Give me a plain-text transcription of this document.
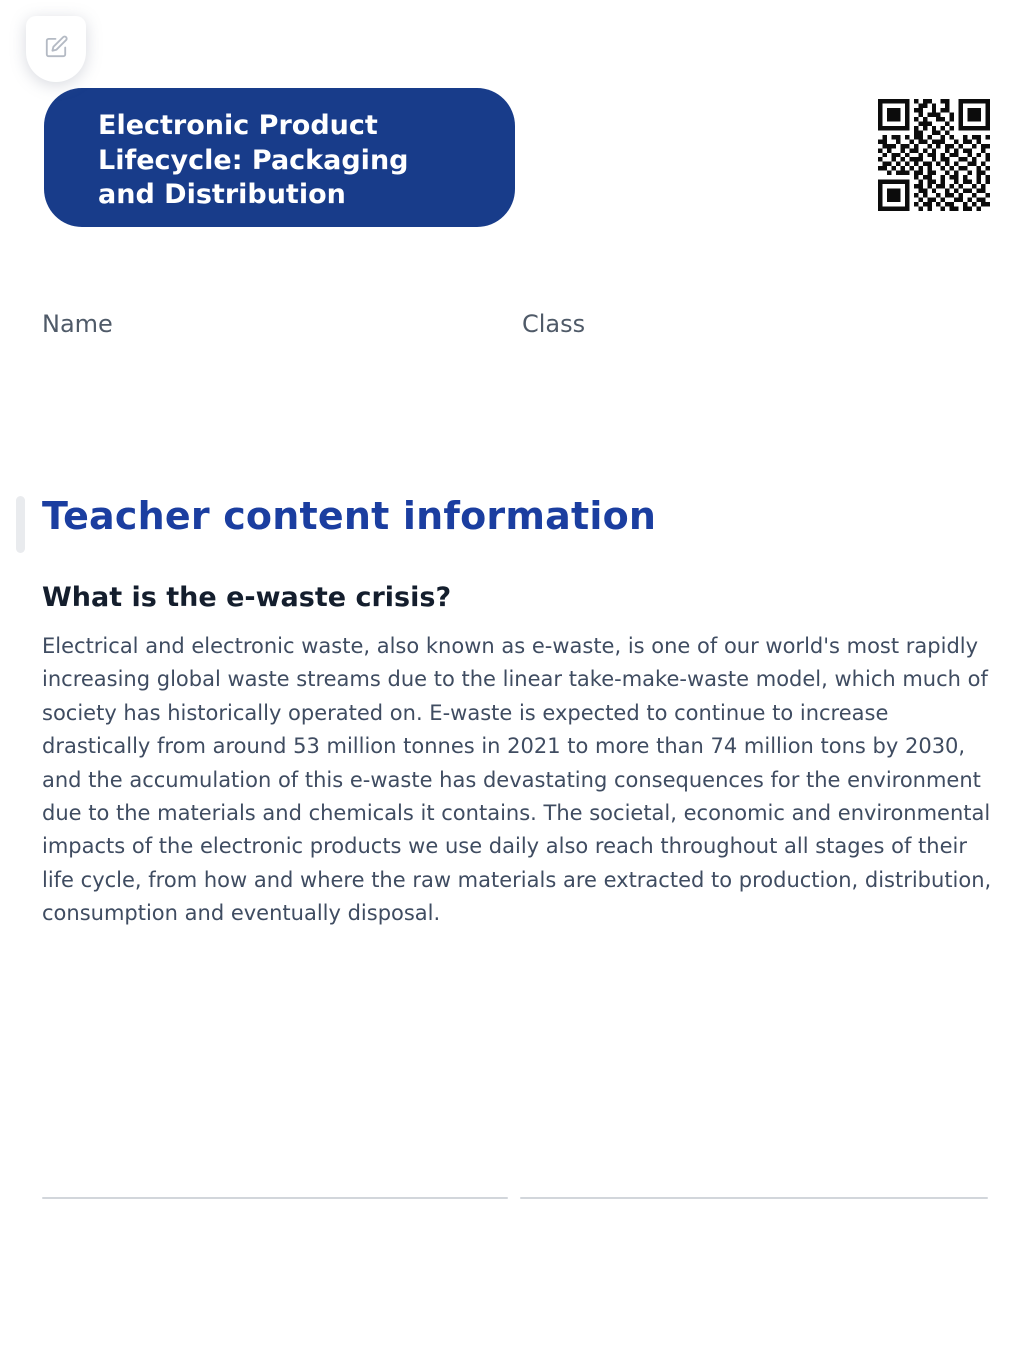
Electronic Product Lifecycle: Packaging and Distribution
Name	Class
Teacher content information
What is the e-waste crisis?

Electrical and electronic waste, also known as e-waste, is one of our world's most rapidly increasing global waste streams due to the linear take-make-waste model, which much of society has historically operated on. E-waste is expected to continue to increase drastically from around 53 million tonnes in 2021 to more than 74 million tons by 2030, and the accumulation of this e-waste has devastating consequences for the environment due to the materials and chemicals it contains. The societal, economic and environmental impacts of the electronic products we use daily also reach throughout all stages of their life cycle, from how and where the raw materials are extracted to production, distribution, consumption and eventually disposal.
